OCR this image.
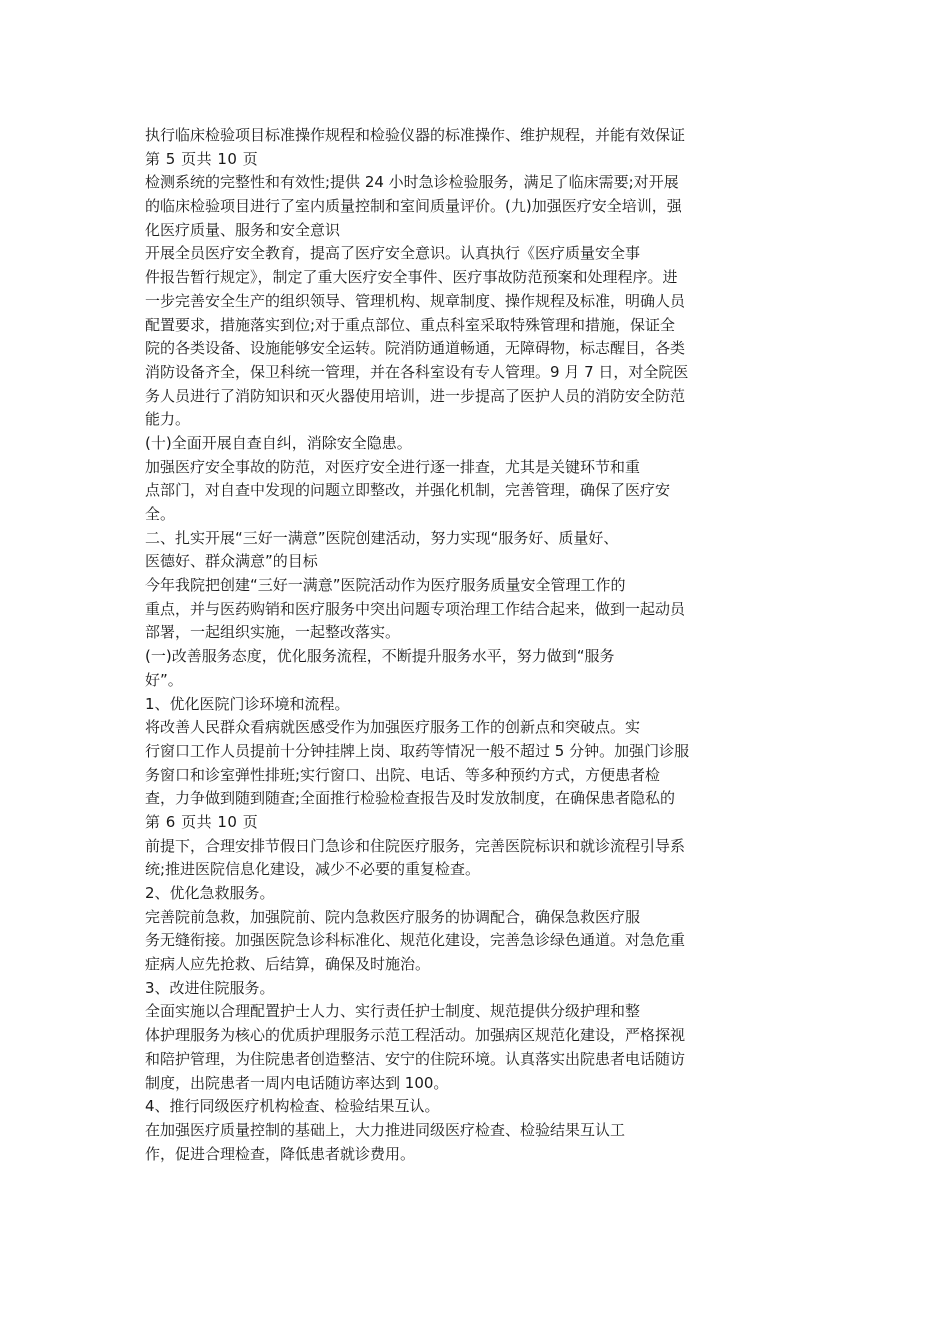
执行临床检验项目标准操作规程和检验仪器的标准操作、维护规程，并能有效保证
第 5 页共 10 页
检测系统的完整性和有效性;提供 24 小时急诊检验服务，满足了临床需要;对开展
的临床检验项目进行了室内质量控制和室间质量评价。(九)加强医疗安全培训，强
化医疗质量、服务和安全意识
开展全员医疗安全教育，提高了医疗安全意识。认真执行《医疗质量安全事
件报告暂行规定》，制定了重大医疗安全事件、医疗事故防范预案和处理程序。进
一步完善安全生产的组织领导、管理机构、规章制度、操作规程及标准，明确人员
配置要求，措施落实到位;对于重点部位、重点科室采取特殊管理和措施，保证全
院的各类设备、设施能够安全运转。院消防通道畅通，无障碍物，标志醒目，各类
消防设备齐全，保卫科统一管理，并在各科室设有专人管理。9 月 7 日，对全院医
务人员进行了消防知识和灭火器使用培训，进一步提高了医护人员的消防安全防范
能力。
(十)全面开展自查自纠，消除安全隐患。
加强医疗安全事故的防范，对医疗安全进行逐一排查，尤其是关键环节和重
点部门，对自查中发现的问题立即整改，并强化机制，完善管理，确保了医疗安
全。
二、扎实开展“三好一满意”医院创建活动，努力实现“服务好、质量好、
医德好、群众满意”的目标
今年我院把创建“三好一满意”医院活动作为医疗服务质量安全管理工作的
重点，并与医药购销和医疗服务中突出问题专项治理工作结合起来，做到一起动员
部署，一起组织实施，一起整改落实。
(一)改善服务态度，优化服务流程，不断提升服务水平，努力做到“服务
好”。
1、优化医院门诊环境和流程。
将改善人民群众看病就医感受作为加强医疗服务工作的创新点和突破点。实
行窗口工作人员提前十分钟挂牌上岗、取药等情况一般不超过 5 分钟。加强门诊服
务窗口和诊室弹性排班;实行窗口、出院、电话、等多种预约方式，方便患者检
查，力争做到随到随查;全面推行检验检查报告及时发放制度，在确保患者隐私的
第 6 页共 10 页
前提下，合理安排节假日门急诊和住院医疗服务，完善医院标识和就诊流程引导系
统;推进医院信息化建设，减少不必要的重复检查。
2、优化急救服务。
完善院前急救，加强院前、院内急救医疗服务的协调配合，确保急救医疗服
务无缝衔接。加强医院急诊科标准化、规范化建设，完善急诊绿色通道。对急危重
症病人应先抢救、后结算，确保及时施治。
3、改进住院服务。
全面实施以合理配置护士人力、实行责任护士制度、规范提供分级护理和整
体护理服务为核心的优质护理服务示范工程活动。加强病区规范化建设，严格探视
和陪护管理，为住院患者创造整洁、安宁的住院环境。认真落实出院患者电话随访
制度，出院患者一周内电话随访率达到 100。
4、推行同级医疗机构检查、检验结果互认。
在加强医疗质量控制的基础上，大力推进同级医疗检查、检验结果互认工
作，促进合理检查，降低患者就诊费用。
